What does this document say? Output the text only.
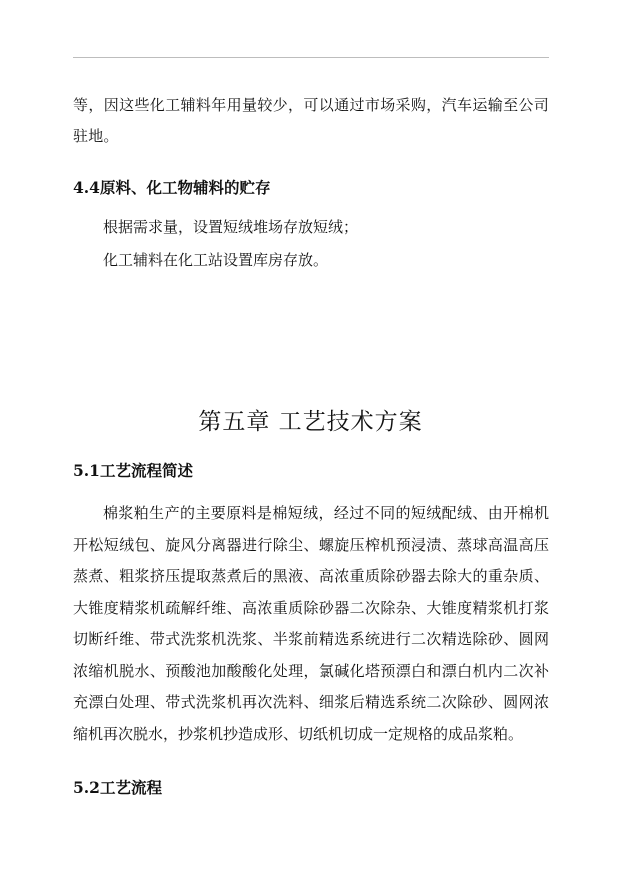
等，因这些化工辅料年用量较少，可以通过市场采购，汽车运输至公司驻地。

4.4原料、化工物辅料的贮存
根据需求量，设置短绒堆场存放短绒；
化工辅料在化工站设置库房存放。
第五章 工艺技术方案
5.1工艺流程简述

棉浆粕生产的主要原料是棉短绒，经过不同的短绒配绒、由开棉机开松短绒包、旋风分离器进行除尘、螺旋压榨机预浸渍、蒸球高温高压蒸煮、粗浆挤压提取蒸煮后的黑液、高浓重质除砂器去除大的重杂质、大锥度精浆机疏解纤维、高浓重质除砂器二次除杂、大锥度精浆机打浆切断纤维、带式洗浆机洗浆、半浆前精选系统进行二次精选除砂、圆网浓缩机脱水、预酸池加酸酸化处理，氯碱化塔预漂白和漂白机内二次补充漂白处理、带式洗浆机再次洗料、细浆后精选系统二次除砂、圆网浓缩机再次脱水，抄浆机抄造成形、切纸机切成一定规格的成品浆粕。

5.2工艺流程
